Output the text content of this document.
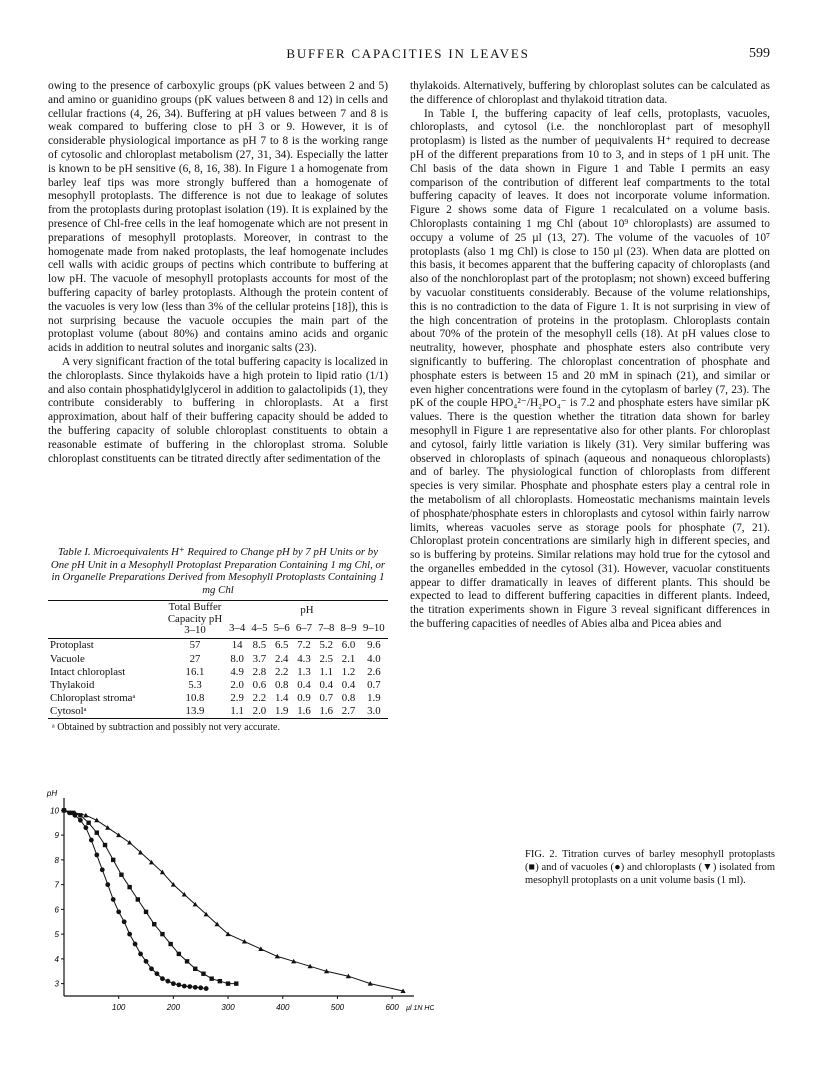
BUFFER CAPACITIES IN LEAVES	599

owing to the presence of carboxylic groups (pK values between 2 and 5) and amino or guanidino groups (pK values between 8 and 12) in cells and cellular fractions (4, 26, 34). Buffering at pH values between 7 and 8 is weak compared to buffering close to pH 3 or 9. However, it is of considerable physiological importance as pH 7 to 8 is the working range of cytosolic and chloroplast metabolism (27, 31, 34). Especially the latter is known to be pH sensitive (6, 8, 16, 38). In Figure 1 a homogenate from barley leaf tips was more strongly buffered than a homogenate of mesophyll protoplasts. The difference is not due to leakage of solutes from the protoplasts during protoplast isolation (19). It is explained by the presence of Chl-free cells in the leaf homogenate which are not present in preparations of mesophyll protoplasts. Moreover, in contrast to the homogenate made from naked protoplasts, the leaf homogenate includes cell walls with acidic groups of pectins which contribute to buffering at low pH. The vacuole of mesophyll protoplasts accounts for most of the buffering capacity of barley protoplasts. Although the protein content of the vacuoles is very low (less than 3% of the cellular proteins [18]), this is not surprising because the vacuole occupies the main part of the protoplast volume (about 80%) and contains amino acids and organic acids in addition to neutral solutes and inorganic salts (23).

A very significant fraction of the total buffering capacity is localized in the chloroplasts. Since thylakoids have a high protein to lipid ratio (1/1) and also contain phosphatidylglycerol in addition to galactolipids (1), they contribute considerably to buffering in chloroplasts. At a first approximation, about half of their buffering capacity should be added to the buffering capacity of soluble chloroplast constituents to obtain a reasonable estimate of buffering in the chloroplast stroma. Soluble chloroplast constituents can be titrated directly after sedimentation of the

thylakoids. Alternatively, buffering by chloroplast solutes can be calculated as the difference of chloroplast and thylakoid titration data.

In Table I, the buffering capacity of leaf cells, protoplasts, vacuoles, chloroplasts, and cytosol (i.e. the nonchloroplast part of mesophyll protoplasm) is listed as the number of µequivalents H⁺ required to decrease pH of the different preparations from 10 to 3, and in steps of 1 pH unit. The Chl basis of the data shown in Figure 1 and Table I permits an easy comparison of the contribution of different leaf compartments to the total buffering capacity of leaves. It does not incorporate volume information. Figure 2 shows some data of Figure 1 recalculated on a volume basis. Chloroplasts containing 1 mg Chl (about 10⁹ chloroplasts) are assumed to occupy a volume of 25 µl (13, 27). The volume of the vacuoles of 10⁷ protoplasts (also 1 mg Chl) is close to 150 µl (23). When data are plotted on this basis, it becomes apparent that the buffering capacity of chloroplasts (and also of the nonchloroplast part of the protoplasm; not shown) exceed buffering by vacuolar constituents considerably. Because of the volume relationships, this is no contradiction to the data of Figure 1. It is not surprising in view of the high concentration of proteins in the protoplasm. Chloroplasts contain about 70% of the protein of the mesophyll cells (18). At pH values close to neutrality, however, phosphate and phosphate esters also contribute very significantly to buffering. The chloroplast concentration of phosphate and phosphate esters is between 15 and 20 mM in spinach (21), and similar or even higher concentrations were found in the cytoplasm of barley (7, 23). The pK of the couple HPO₄²⁻/H₂PO₄⁻ is 7.2 and phosphate esters have similar pK values. There is the question whether the titration data shown for barley mesophyll in Figure 1 are representative also for other plants. For chloroplast and cytosol, fairly little variation is likely (31). Very similar buffering was observed in chloroplasts of spinach (aqueous and nonaqueous chloroplasts) and of barley. The physiological function of chloroplasts from different species is very similar. Phosphate and phosphate esters play a central role in the metabolism of all chloroplasts. Homeostatic mechanisms maintain levels of phosphate/phosphate esters in chloroplasts and cytosol within fairly narrow limits, whereas vacuoles serve as storage pools for phosphate (7, 21). Chloroplast protein concentrations are similarly high in different species, and so is buffering by proteins. Similar relations may hold true for the cytosol and the organelles embedded in the cytosol (31). However, vacuolar constituents appear to differ dramatically in leaves of different plants. This should be expected to lead to different buffering capacities in different plants. Indeed, the titration experiments shown in Figure 3 reveal significant differences in the buffering capacities of needles of Abies alba and Picea abies and

Table I. Microequivalents H⁺ Required to Change pH by 7 pH Units or by One pH Unit in a Mesophyll Protoplast Preparation Containing 1 mg Chl, or in Organelle Preparations Derived from Mesophyll Protoplasts Containing 1 mg Chl
	Total Buffer Capacity pH 3–10	pH						
		3–4	4–5	5–6	6–7	7–8	8–9	9–10
Protoplast	57	14	8.5	6.5	7.2	5.2	6.0	9.6
Vacuole	27	8.0	3.7	2.4	4.3	2.5	2.1	4.0
Intact chloroplast	16.1	4.9	2.8	2.2	1.3	1.1	1.2	2.6
Thylakoid	5.3	2.0	0.6	0.8	0.4	0.4	0.4	0.7
Chloroplast stromaᵃ	10.8	2.9	2.2	1.4	0.9	0.7	0.8	1.9
Cytosolᵃ	13.9	1.1	2.0	1.9	1.6	1.6	2.7	3.0
ᵃ Obtained by subtraction and possibly not very accurate.
3
4
5
6
7
8
9
10
100	200	300	400	500	600
pH
µl 1N HCl
FIG. 2. Titration curves of barley mesophyll protoplasts (■) and of vacuoles (●) and chloroplasts (▼) isolated from mesophyll protoplasts on a unit volume basis (1 ml).
